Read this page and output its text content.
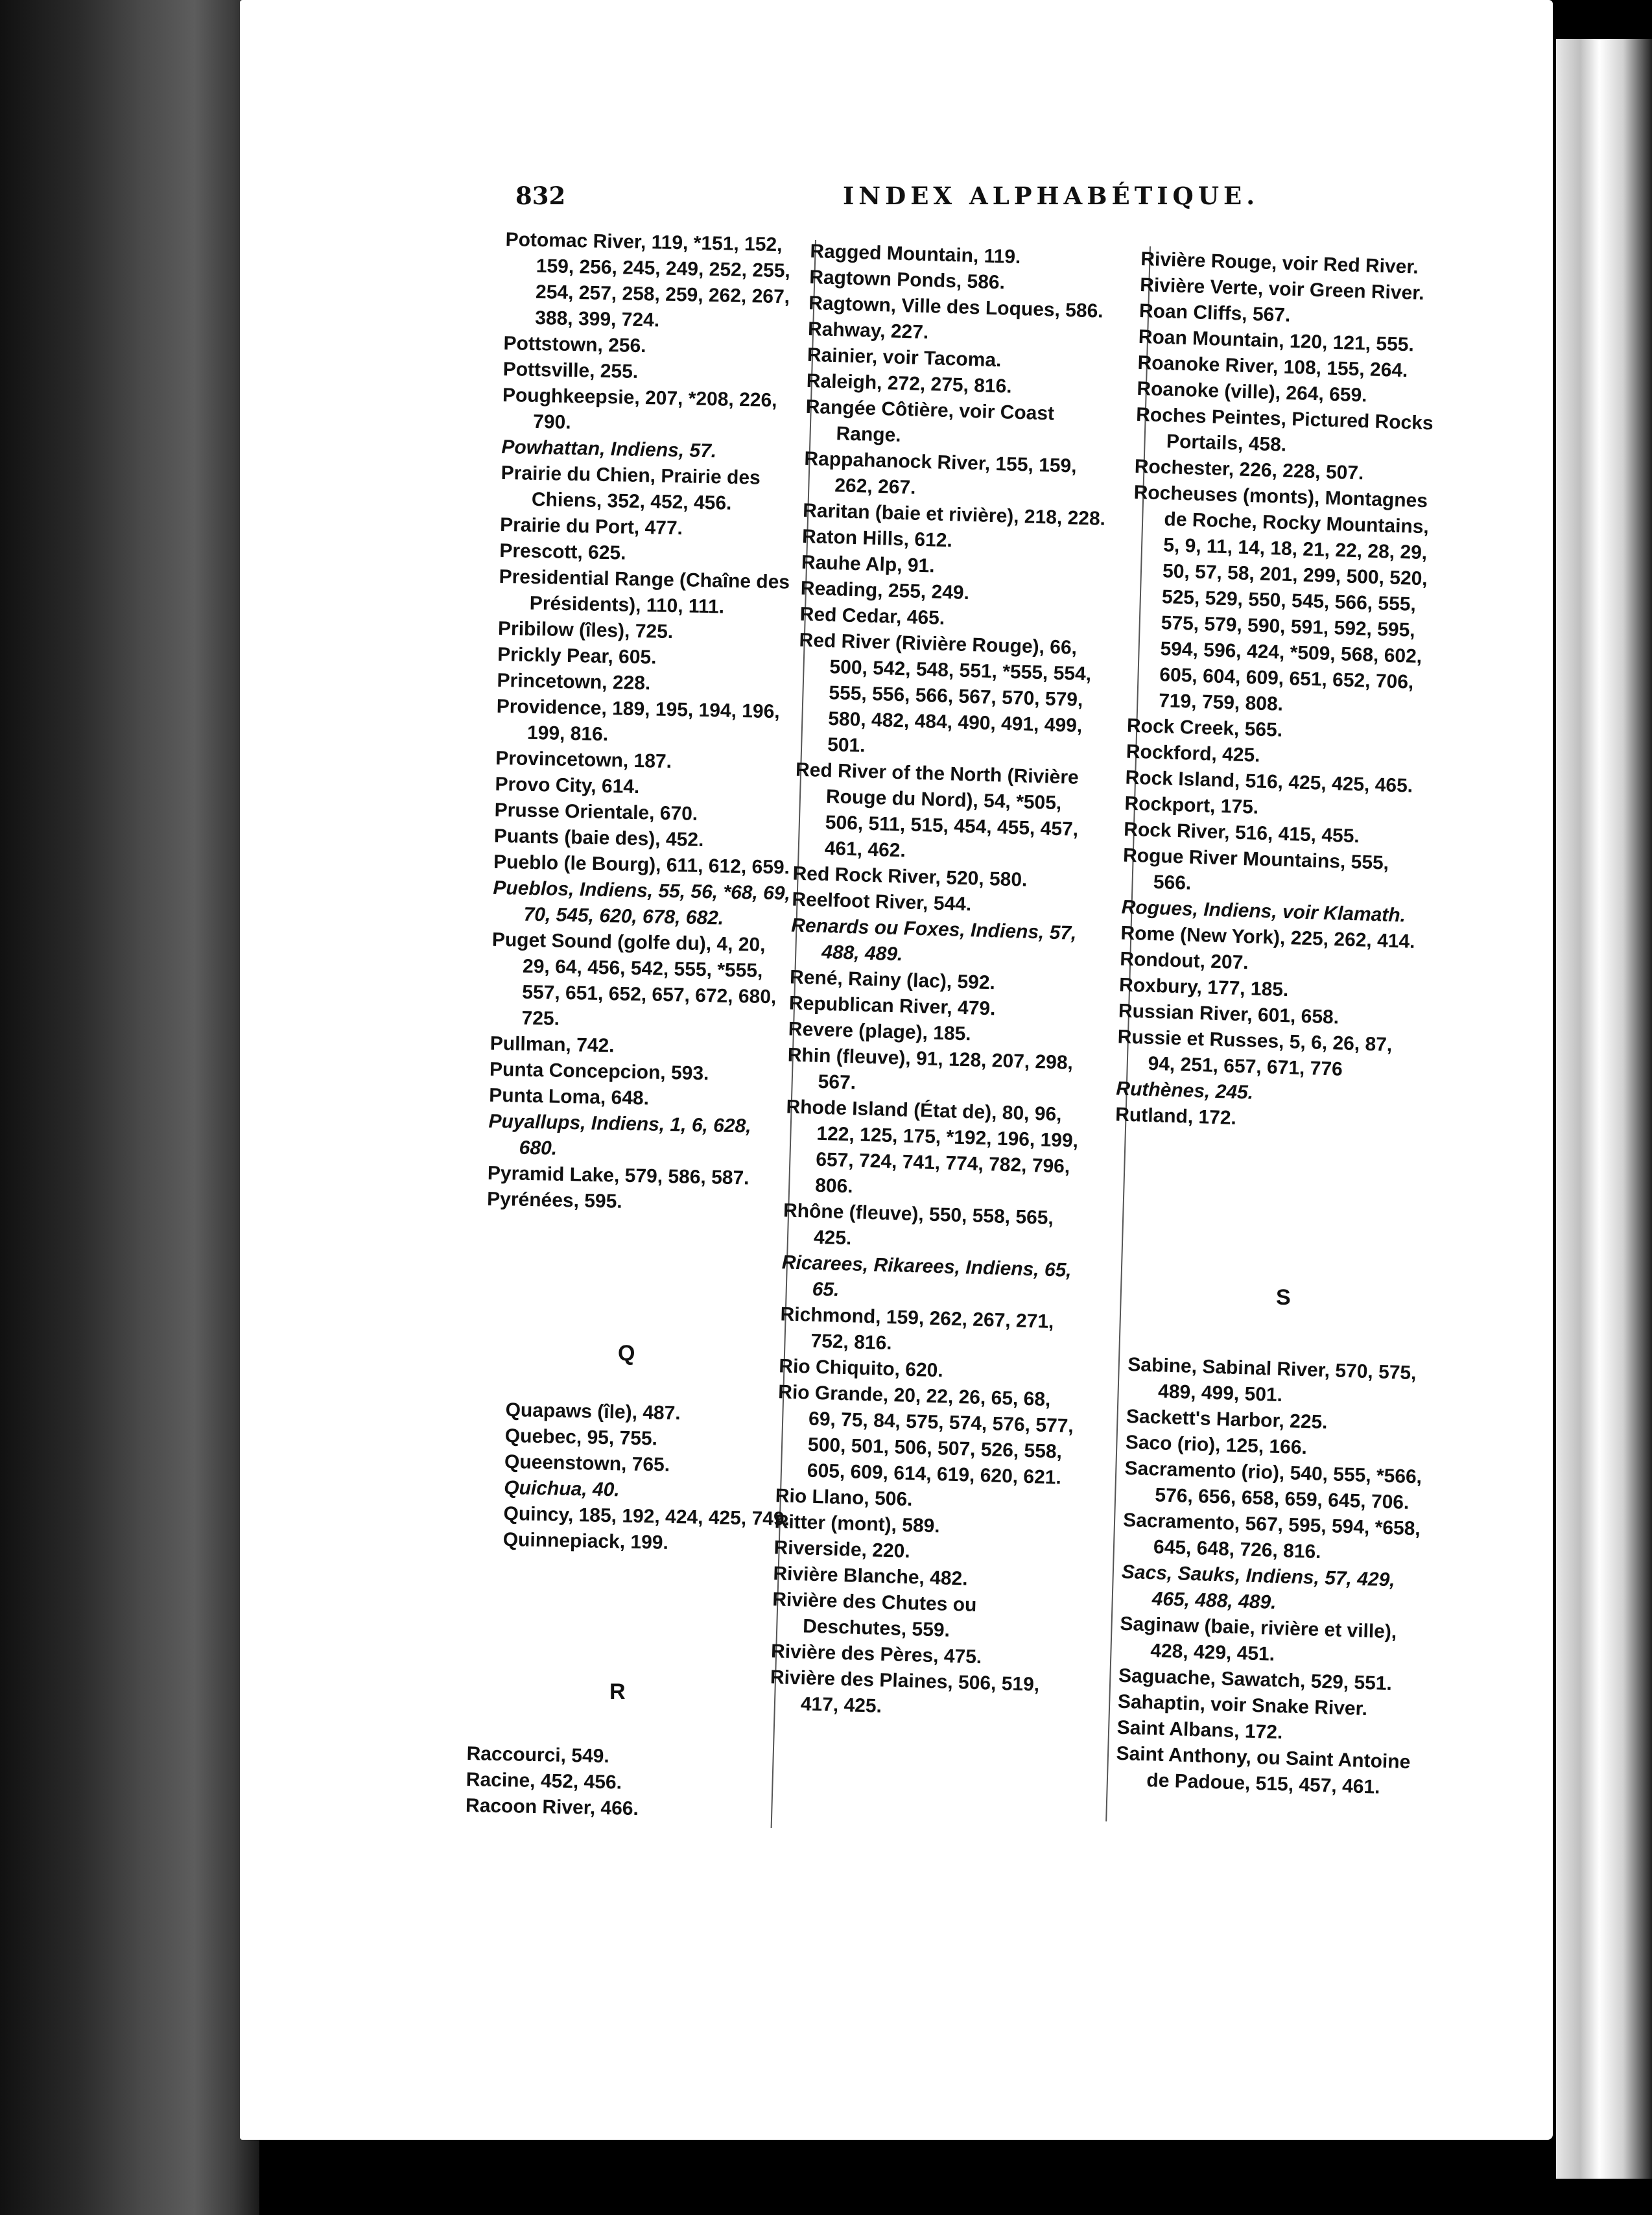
832	INDEX ALPHABÉTIQUE.
Potomac River, 119, *151, 152, 159, 256, 245, 249, 252, 255, 254, 257, 258, 259, 262, 267, 388, 399, 724.
Pottstown, 256.
Pottsville, 255.
Poughkeepsie, 207, *208, 226, 790.
Powhattan, Indiens, 57.
Prairie du Chien, Prairie des Chiens, 352, 452, 456.
Prairie du Port, 477.
Prescott, 625.
Presidential Range (Chaîne des Présidents), 110, 111.
Pribilow (îles), 725.
Prickly Pear, 605.
Princetown, 228.
Providence, 189, 195, 194, 196, 199, 816.
Provincetown, 187.
Provo City, 614.
Prusse Orientale, 670.
Puants (baie des), 452.
Pueblo (le Bourg), 611, 612, 659.
Pueblos, Indiens, 55, 56, *68, 69, 70, 545, 620, 678, 682.
Puget Sound (golfe du), 4, 20, 29, 64, 456, 542, 555, *555, 557, 651, 652, 657, 672, 680, 725.
Pullman, 742.
Punta Concepcion, 593.
Punta Loma, 648.
Puyallups, Indiens, 1, 6, 628, 680.
Pyramid Lake, 579, 586, 587.
Pyrénées, 595.
Q
Quapaws (île), 487.
Quebec, 95, 755.
Queenstown, 765.
Quichua, 40.
Quincy, 185, 192, 424, 425, 749.
Quinnepiack, 199.
R
Raccourci, 549.
Racine, 452, 456.
Racoon River, 466.
Ragged Mountain, 119.
Ragtown Ponds, 586.
Ragtown, Ville des Loques, 586.
Rahway, 227.
Rainier, voir Tacoma.
Raleigh, 272, 275, 816.
Rangée Côtière, voir Coast Range.
Rappahanock River, 155, 159, 262, 267.
Raritan (baie et rivière), 218, 228.
Raton Hills, 612.
Rauhe Alp, 91.
Reading, 255, 249.
Red Cedar, 465.
Red River (Rivière Rouge), 66, 500, 542, 548, 551, *555, 554, 555, 556, 566, 567, 570, 579, 580, 482, 484, 490, 491, 499, 501.
Red River of the North (Rivière Rouge du Nord), 54, *505, 506, 511, 515, 454, 455, 457, 461, 462.
Red Rock River, 520, 580.
Reelfoot River, 544.
Renards ou Foxes, Indiens, 57, 488, 489.
René, Rainy (lac), 592.
Republican River, 479.
Revere (plage), 185.
Rhin (fleuve), 91, 128, 207, 298, 567.
Rhode Island (État de), 80, 96, 122, 125, 175, *192, 196, 199, 657, 724, 741, 774, 782, 796, 806.
Rhône (fleuve), 550, 558, 565, 425.
Ricarees, Rikarees, Indiens, 65, 65.
Richmond, 159, 262, 267, 271, 752, 816.
Rio Chiquito, 620.
Rio Grande, 20, 22, 26, 65, 68, 69, 75, 84, 575, 574, 576, 577, 500, 501, 506, 507, 526, 558, 605, 609, 614, 619, 620, 621.
Rio Llano, 506.
Ritter (mont), 589.
Riverside, 220.
Rivière Blanche, 482.
Rivière des Chutes ou Deschutes, 559.
Rivière des Pères, 475.
Rivière des Plaines, 506, 519, 417, 425.
Rivière Rouge, voir Red River.
Rivière Verte, voir Green River.
Roan Cliffs, 567.
Roan Mountain, 120, 121, 555.
Roanoke River, 108, 155, 264.
Roanoke (ville), 264, 659.
Roches Peintes, Pictured Rocks Portails, 458.
Rochester, 226, 228, 507.
Rocheuses (monts), Montagnes de Roche, Rocky Mountains, 5, 9, 11, 14, 18, 21, 22, 28, 29, 50, 57, 58, 201, 299, 500, 520, 525, 529, 550, 545, 566, 555, 575, 579, 590, 591, 592, 595, 594, 596, 424, *509, 568, 602, 605, 604, 609, 651, 652, 706, 719, 759, 808.
Rock Creek, 565.
Rockford, 425.
Rock Island, 516, 425, 425, 465.
Rockport, 175.
Rock River, 516, 415, 455.
Rogue River Mountains, 555, 566.
Rogues, Indiens, voir Klamath.
Rome (New York), 225, 262, 414.
Rondout, 207.
Roxbury, 177, 185.
Russian River, 601, 658.
Russie et Russes, 5, 6, 26, 87, 94, 251, 657, 671, 776
Ruthènes, 245.
Rutland, 172.
S
Sabine, Sabinal River, 570, 575, 489, 499, 501.
Sackett's Harbor, 225.
Saco (rio), 125, 166.
Sacramento (rio), 540, 555, *566, 576, 656, 658, 659, 645, 706.
Sacramento, 567, 595, 594, *658, 645, 648, 726, 816.
Sacs, Sauks, Indiens, 57, 429, 465, 488, 489.
Saginaw (baie, rivière et ville), 428, 429, 451.
Saguache, Sawatch, 529, 551.
Sahaptin, voir Snake River.
Saint Albans, 172.
Saint Anthony, ou Saint Antoine de Padoue, 515, 457, 461.
